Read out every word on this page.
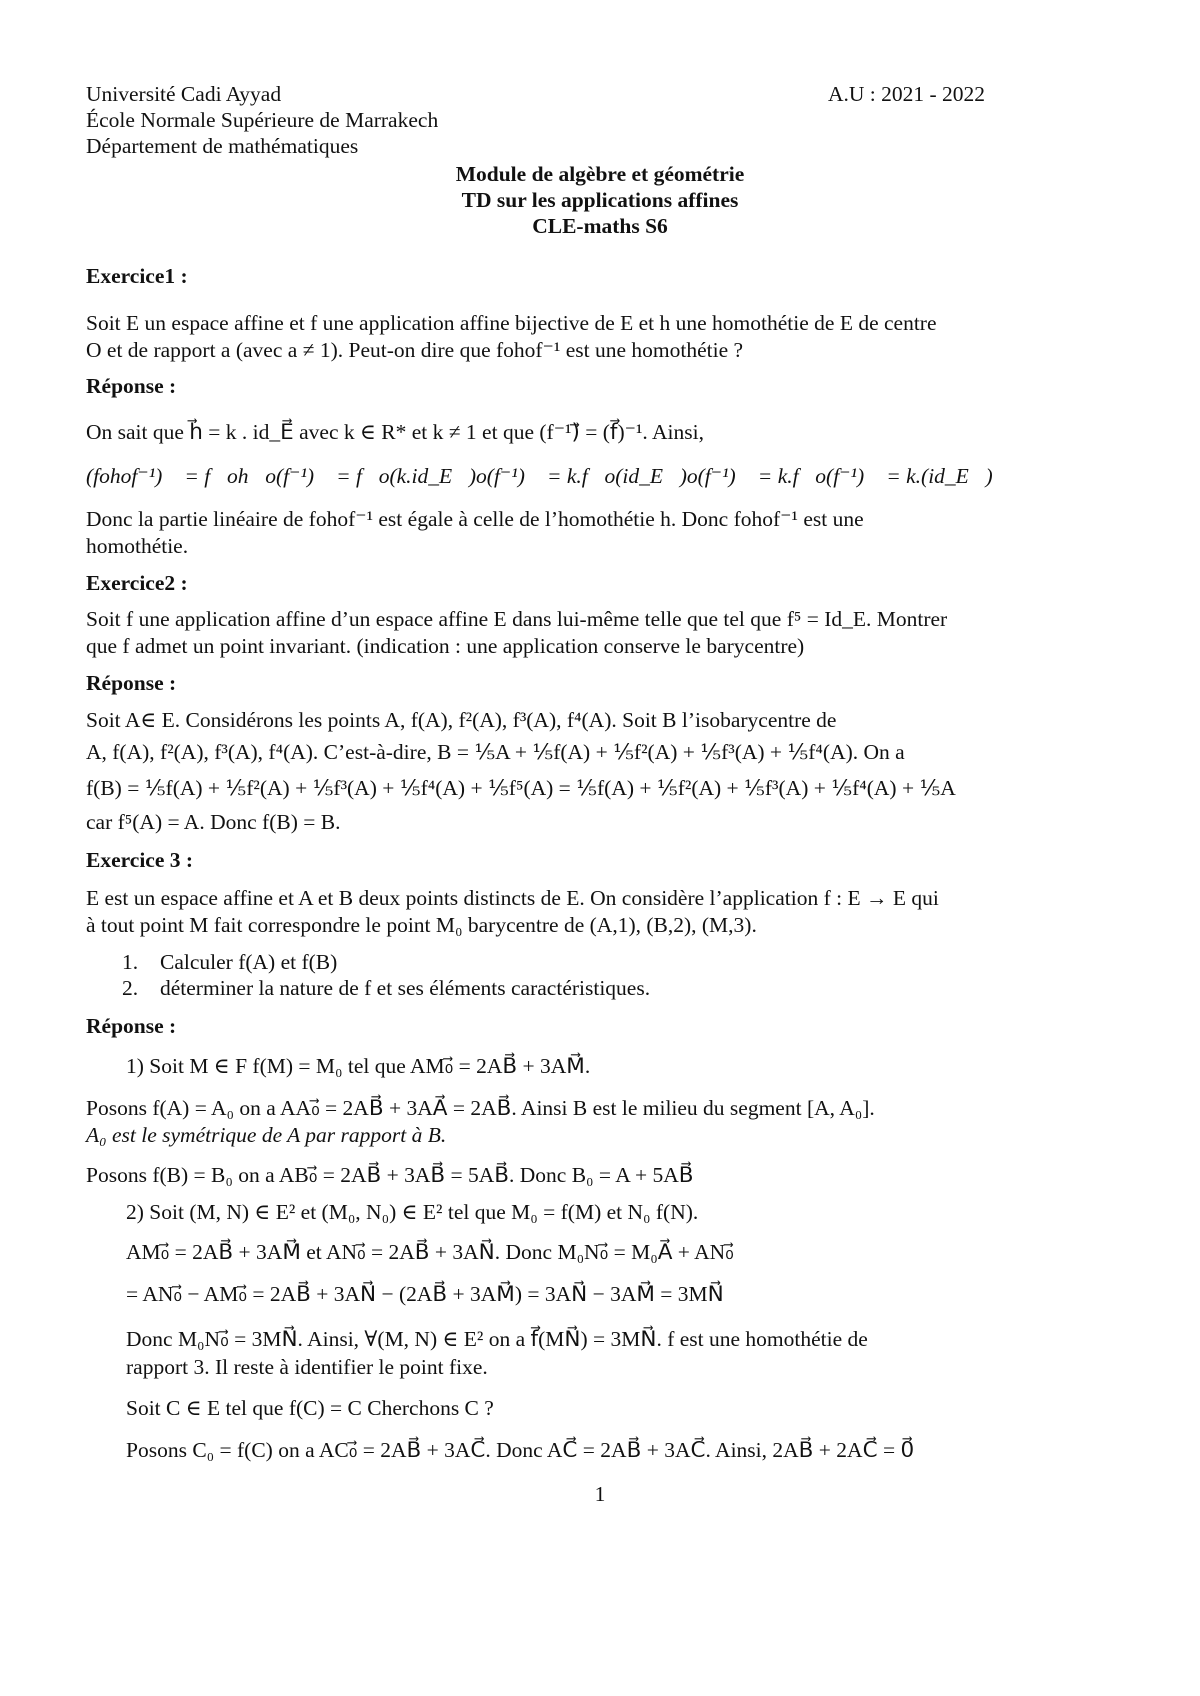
Université Cadi Ayyad	A.U : 2021 - 2022
École Normale Supérieure de Marrakech
Département de mathématiques
Module de algèbre et géométrie
TD sur les applications affines
CLE-maths S6
Exercice1 :
Soit E un espace affine et f une application affine bijective de E et h une homothétie de E de centre
O et de rapport a (avec a ≠ 1). Peut-on dire que fohof⁻¹ est une homothétie ?
Réponse :
On sait que h⃗ = k . id_E⃗ avec k ∈ R* et k ≠ 1 et que (f⁻¹)⃗ = (f⃗)⁻¹. Ainsi,
(fohof⁻¹)⃗ = f⃗oh⃗o(f⁻¹)⃗ = f⃗o(k.id_E⃗)o(f⁻¹)⃗ = k.f⃗o(id_E⃗)o(f⁻¹)⃗ = k.f⃗o(f⁻¹)⃗ = k.(id_E⃗)
Donc la partie linéaire de fohof⁻¹ est égale à celle de l’homothétie h. Donc fohof⁻¹ est une
homothétie.
Exercice2 :
Soit f une application affine d’un espace affine E dans lui-même telle que tel que f⁵ = Id_E. Montrer
que f admet un point invariant. (indication : une application conserve le barycentre)
Réponse :
Soit A∈ E. Considérons les points A, f(A), f²(A), f³(A), f⁴(A). Soit B l’isobarycentre de
A, f(A), f²(A), f³(A), f⁴(A). C’est-à-dire, B = ⅕A + ⅕f(A) + ⅕f²(A) + ⅕f³(A) + ⅕f⁴(A). On a
f(B) = ⅕f(A) + ⅕f²(A) + ⅕f³(A) + ⅕f⁴(A) + ⅕f⁵(A) = ⅕f(A) + ⅕f²(A) + ⅕f³(A) + ⅕f⁴(A) + ⅕A
car f⁵(A) = A. Donc f(B) = B.
Exercice 3 :
E est un espace affine et A et B deux points distincts de E. On considère l’application f : E → E qui
à tout point M fait correspondre le point M₀ barycentre de (A,1), (B,2), (M,3).
1. Calculer f(A) et f(B)
2. déterminer la nature de f et ses éléments caractéristiques.
Réponse :
1) Soit M ∈ F f(M) = M₀ tel que AM₀⃗ = 2AB⃗ + 3AM⃗.
Posons f(A) = A₀ on a AA₀⃗ = 2AB⃗ + 3AA⃗ = 2AB⃗. Ainsi B est le milieu du segment [A, A₀].
A₀ est le symétrique de A par rapport à B.
Posons f(B) = B₀ on a AB₀⃗ = 2AB⃗ + 3AB⃗ = 5AB⃗. Donc B₀ = A + 5AB⃗
2) Soit (M, N) ∈ E² et (M₀, N₀) ∈ E² tel que M₀ = f(M) et N₀ f(N).
AM₀⃗ = 2AB⃗ + 3AM⃗ et AN₀⃗ = 2AB⃗ + 3AN⃗. Donc M₀N₀⃗ = M₀A⃗ + AN₀⃗
= AN₀⃗ − AM₀⃗ = 2AB⃗ + 3AN⃗ − (2AB⃗ + 3AM⃗) = 3AN⃗ − 3AM⃗ = 3MN⃗
Donc M₀N₀⃗ = 3MN⃗. Ainsi, ∀(M, N) ∈ E² on a f⃗(MN⃗) = 3MN⃗. f est une homothétie de
rapport 3. Il reste à identifier le point fixe.
Soit C ∈ E tel que f(C) = C Cherchons C ?
Posons C₀ = f(C) on a AC₀⃗ = 2AB⃗ + 3AC⃗. Donc AC⃗ = 2AB⃗ + 3AC⃗. Ainsi, 2AB⃗ + 2AC⃗ = 0⃗
1
